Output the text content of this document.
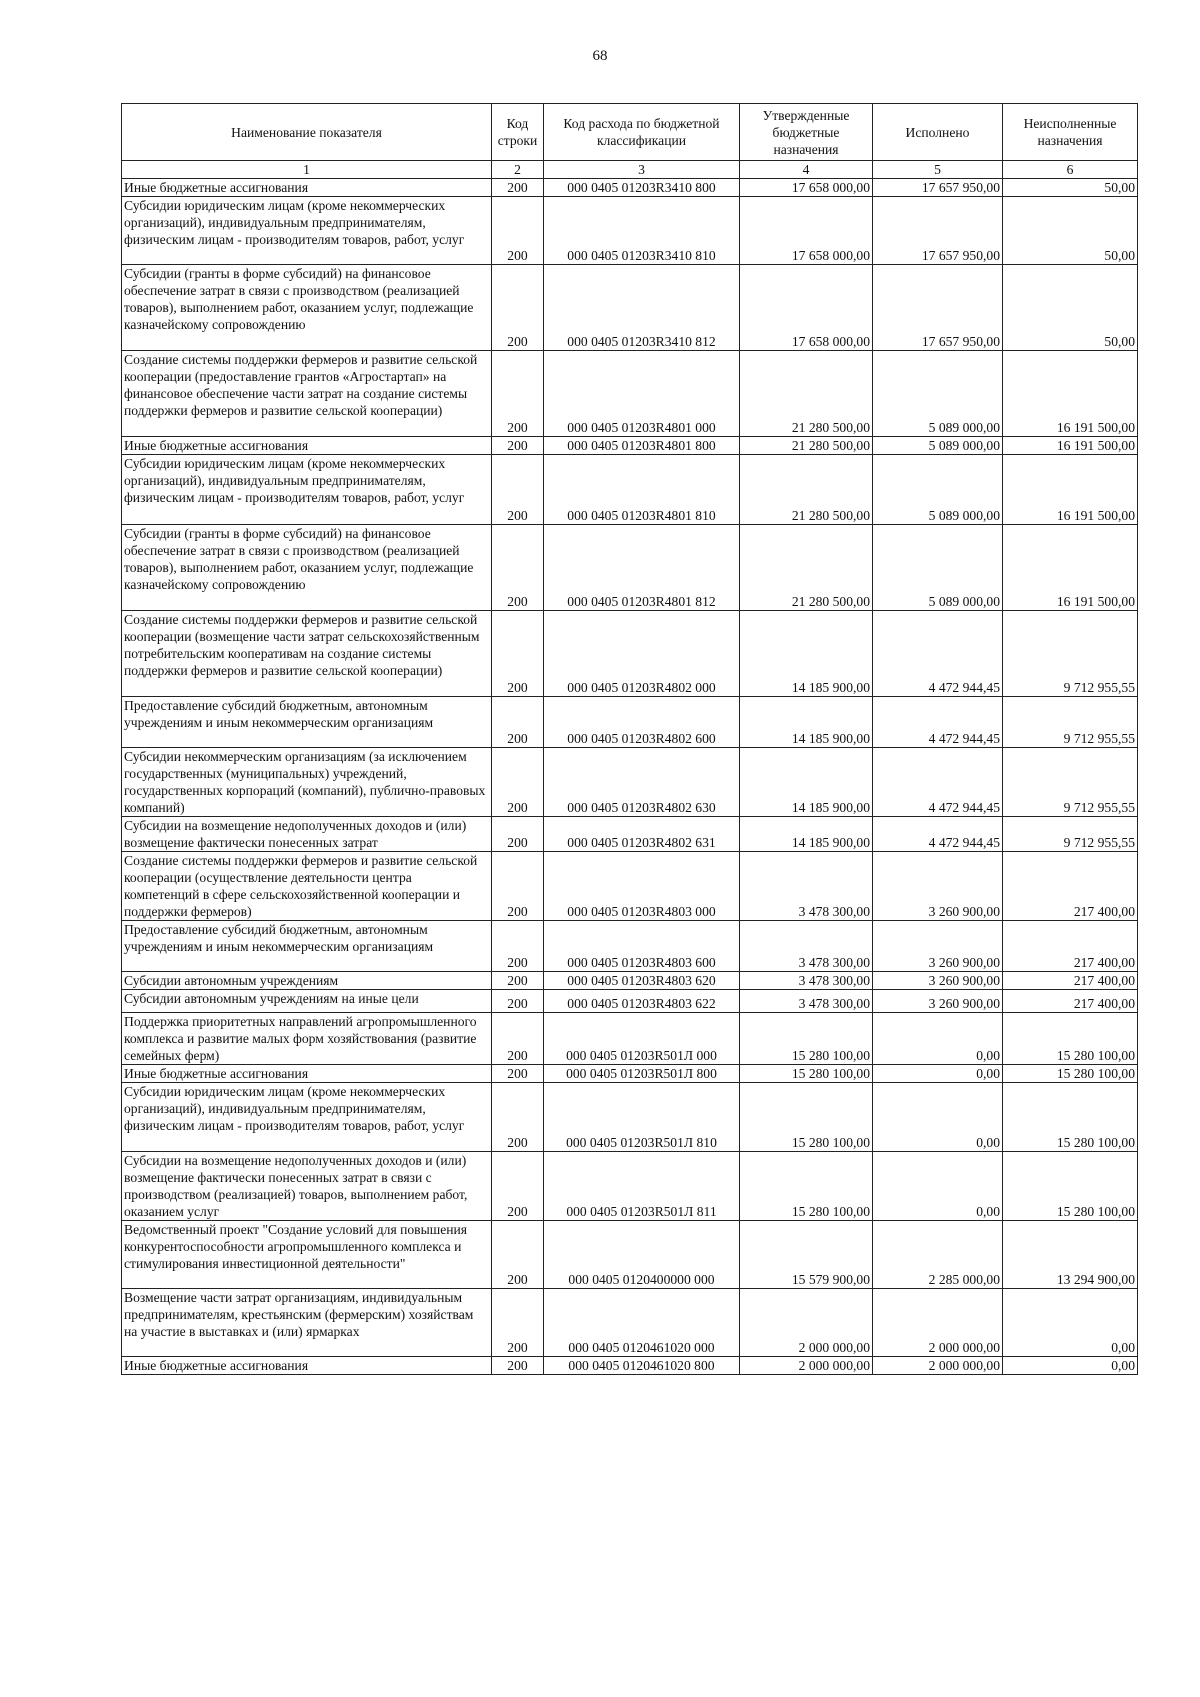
68
Наименование показателя	Код строки	Код расхода по бюджетной классификации	Утвержденные бюджетные назначения	Исполнено	Неисполненные назначения
1	2	3	4	5	6
Иные бюджетные ассигнования	200	000 0405 01203R3410 800	17 658 000,00	17 657 950,00	50,00
Субсидии юридическим лицам (кроме некоммерческих организаций), индивидуальным предпринимателям, физическим лицам - производителям товаров, работ, услуг	200	000 0405 01203R3410 810	17 658 000,00	17 657 950,00	50,00
Субсидии (гранты в форме субсидий) на финансовое обеспечение затрат в связи с производством (реализацией товаров), выполнением работ, оказанием услуг, подлежащие казначейскому сопровождению	200	000 0405 01203R3410 812	17 658 000,00	17 657 950,00	50,00
Создание системы поддержки фермеров и развитие сельской кооперации (предоставление грантов «Агростартап» на финансовое обеспечение части затрат на создание системы поддержки фермеров и развитие сельской кооперации)	200	000 0405 01203R4801 000	21 280 500,00	5 089 000,00	16 191 500,00
Иные бюджетные ассигнования	200	000 0405 01203R4801 800	21 280 500,00	5 089 000,00	16 191 500,00
Субсидии юридическим лицам (кроме некоммерческих организаций), индивидуальным предпринимателям, физическим лицам - производителям товаров, работ, услуг	200	000 0405 01203R4801 810	21 280 500,00	5 089 000,00	16 191 500,00
Субсидии (гранты в форме субсидий) на финансовое обеспечение затрат в связи с производством (реализацией товаров), выполнением работ, оказанием услуг, подлежащие казначейскому сопровождению	200	000 0405 01203R4801 812	21 280 500,00	5 089 000,00	16 191 500,00
Создание системы поддержки фермеров и развитие сельской кооперации (возмещение части затрат сельскохозяйственным потребительским кооперативам на создание системы поддержки фермеров и развитие сельской кооперации)	200	000 0405 01203R4802 000	14 185 900,00	4 472 944,45	9 712 955,55
Предоставление субсидий бюджетным, автономным учреждениям и иным некоммерческим организациям	200	000 0405 01203R4802 600	14 185 900,00	4 472 944,45	9 712 955,55
Субсидии некоммерческим организациям (за исключением государственных (муниципальных) учреждений, государственных корпораций (компаний), публично-правовых компаний)	200	000 0405 01203R4802 630	14 185 900,00	4 472 944,45	9 712 955,55
Субсидии на возмещение недополученных доходов и (или) возмещение фактически понесенных затрат	200	000 0405 01203R4802 631	14 185 900,00	4 472 944,45	9 712 955,55
Создание системы поддержки фермеров и развитие сельской кооперации (осуществление деятельности центра компетенций в сфере сельскохозяйственной кооперации и поддержки фермеров)	200	000 0405 01203R4803 000	3 478 300,00	3 260 900,00	217 400,00
Предоставление субсидий бюджетным, автономным учреждениям и иным некоммерческим организациям	200	000 0405 01203R4803 600	3 478 300,00	3 260 900,00	217 400,00
Субсидии автономным учреждениям	200	000 0405 01203R4803 620	3 478 300,00	3 260 900,00	217 400,00
Субсидии автономным учреждениям на иные цели	200	000 0405 01203R4803 622	3 478 300,00	3 260 900,00	217 400,00
Поддержка приоритетных направлений агропромышленного комплекса и развитие малых форм хозяйствования (развитие семейных ферм)	200	000 0405 01203R501Л 000	15 280 100,00	0,00	15 280 100,00
Иные бюджетные ассигнования	200	000 0405 01203R501Л 800	15 280 100,00	0,00	15 280 100,00
Субсидии юридическим лицам (кроме некоммерческих организаций), индивидуальным предпринимателям, физическим лицам - производителям товаров, работ, услуг	200	000 0405 01203R501Л 810	15 280 100,00	0,00	15 280 100,00
Субсидии на возмещение недополученных доходов и (или) возмещение фактически понесенных затрат в связи с производством (реализацией) товаров, выполнением работ, оказанием услуг	200	000 0405 01203R501Л 811	15 280 100,00	0,00	15 280 100,00
Ведомственный проект "Создание условий для повышения конкурентоспособности агропромышленного комплекса и стимулирования инвестиционной деятельности"	200	000 0405 0120400000 000	15 579 900,00	2 285 000,00	13 294 900,00
Возмещение части затрат организациям, индивидуальным предпринимателям, крестьянским (фермерским) хозяйствам на участие в выставках и (или) ярмарках	200	000 0405 0120461020 000	2 000 000,00	2 000 000,00	0,00
Иные бюджетные ассигнования	200	000 0405 0120461020 800	2 000 000,00	2 000 000,00	0,00
